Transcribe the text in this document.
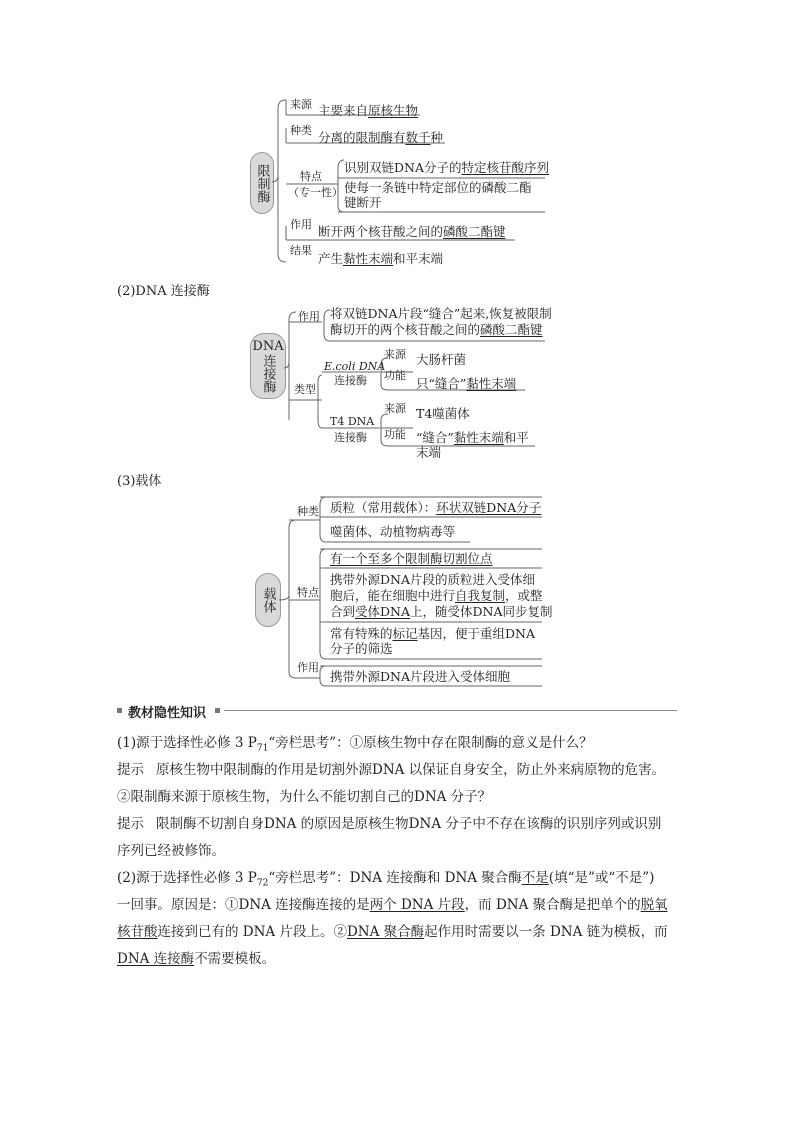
限制酶
来源 主要来自原核生物
种类 分离的限制酶有数千种
特点
（专一性）
识别双链DNA分子的特定核苷酸序列
使每一条链中特定部位的磷酸二酯
键断开
作用 断开两个核苷酸之间的磷酸二酯键
结果
产生黏性末端和平末端
(2)DNA 连接酶
DNA
连接酶
作用 将双链DNA片段“缝合”起来,恢复被限制
酶切开的两个核苷酸之间的磷酸二酯键
类型
E.coli DNA
连接酶
来源 大肠杆菌
功能
只“缝合”黏性末端
T4 DNA
连接酶
来源 T4噬菌体
功能 “缝合”黏性末端和平
末端
(3)载体
载体
种类 质粒（常用载体）：环状双链DNA分子
噬菌体、动植物病毒等
特点
有一个至多个限制酶切割位点
携带外源DNA片段的质粒进入受体细
胞后，能在细胞中进行自我复制，或整
合到受体DNA上，随受体DNA同步复制
常有特殊的标记基因，便于重组DNA
分子的筛选
作用
携带外源DNA片段进入受体细胞
教材隐性知识
(1)源于选择性必修 3 $P_{71}“$旁栏思考”：①原核生物中存在限制酶的意义是什么？
提示 原核生物中限制酶的作用是切割外源DNA 以保证自身安全，防止外来病原物的危害。
②限制酶来源于原核生物，为什么不能切割自己的DNA 分子？
提示 限制酶不切割自身DNA 的原因是原核生物DNA 分子中不存在该酶的识别序列或识别
序列已经被修饰。
(2)源于选择性必修 3 $P_{72}“$旁栏思考”：DNA 连接酶和 DNA 聚合酶不是(填“是”或“不是”)
一回事。原因是：①DNA 连接酶连接的是两个 DNA 片段，而 DNA 聚合酶是把单个的脱氧
核苷酸连接到已有的 DNA 片段上。②DNA 聚合酶起作用时需要以一条 DNA 链为模板，而
DNA 连接酶不需要模板。
